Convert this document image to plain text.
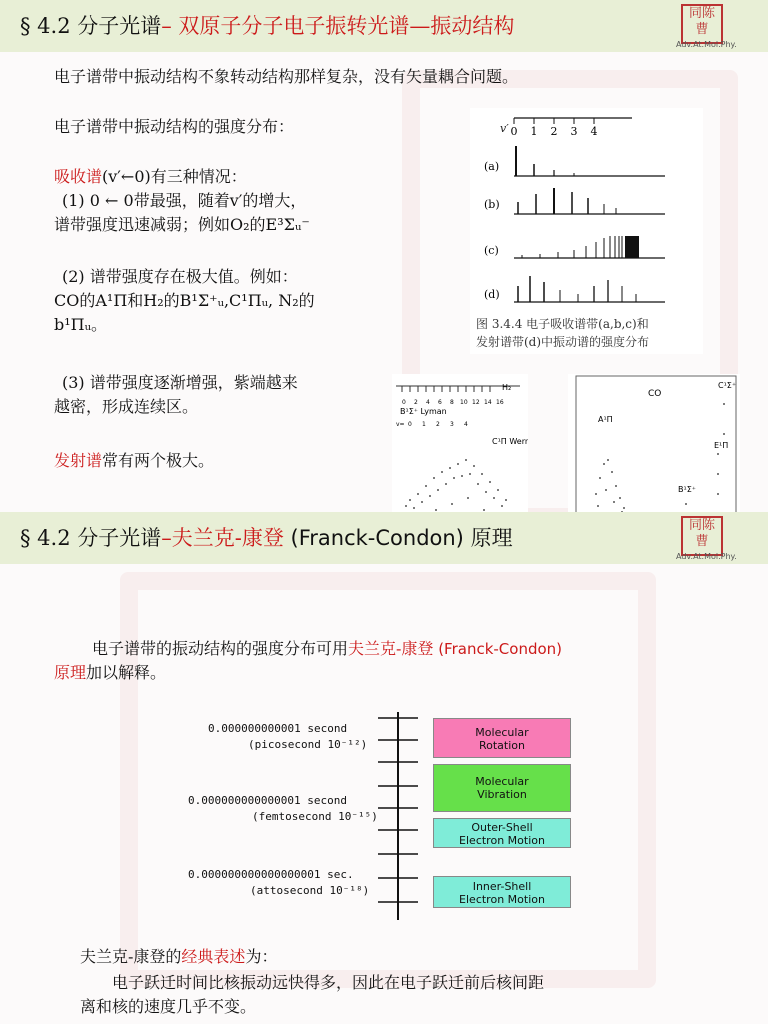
§ 4.2 分子光谱– 双原子分子电子振转光谱—振动结构
同陈
曹
Adv.At.Mol.Phy.
电子谱带中振动结构不象转动结构那样复杂，没有矢量耦合问题。
电子谱带中振动结构的强度分布：
吸收谱(v′←0)有三种情况：
(1) 0 ← 0带最强，随着v′的增大，
谱带强度迅速减弱；例如O₂的E³Σᵤ⁻
(2) 谱带强度存在极大值。例如：
CO的A¹Π和H₂的B¹Σ⁺ᵤ,C¹Πᵤ, N₂的
b¹Πᵤ。
(3) 谱带强度逐渐增强，紫端越来
越密，形成连续区。
发射谱常有两个极大。
v′ 0 1 2 3 4
(a)
(b)
(c)
(d)
图 3.4.4 电子吸收谱带(a,b,c)和
发射谱带(d)中振动谱的强度分布
H₂
0 2 4 6 8 10 12 14 16
B¹Σ⁺ Lyman
v= 0 1 2 3 4
C¹Π Wern
CO
C¹Σ⁺
A¹Π
E¹Π
B¹Σ⁺
§ 4.2 分子光谱–夫兰克-康登 (Franck-Condon) 原理
同陈
曹
Adv.At.Mol.Phy.
电子谱带的振动结构的强度分布可用夫兰克-康登 (Franck-Condon)
原理加以解释。
0.000000000001 second
(picosecond 10⁻¹²)
0.000000000000001 second
(femtosecond 10⁻¹⁵)
0.000000000000000001 sec.
(attosecond 10⁻¹⁸)
Molecular
Rotation
Molecular
Vibration
Outer-Shell
Electron Motion
Inner-Shell
Electron Motion
夫兰克-康登的经典表述为：
电子跃迁时间比核振动远快得多，因此在电子跃迁前后核间距
离和核的速度几乎不变。
